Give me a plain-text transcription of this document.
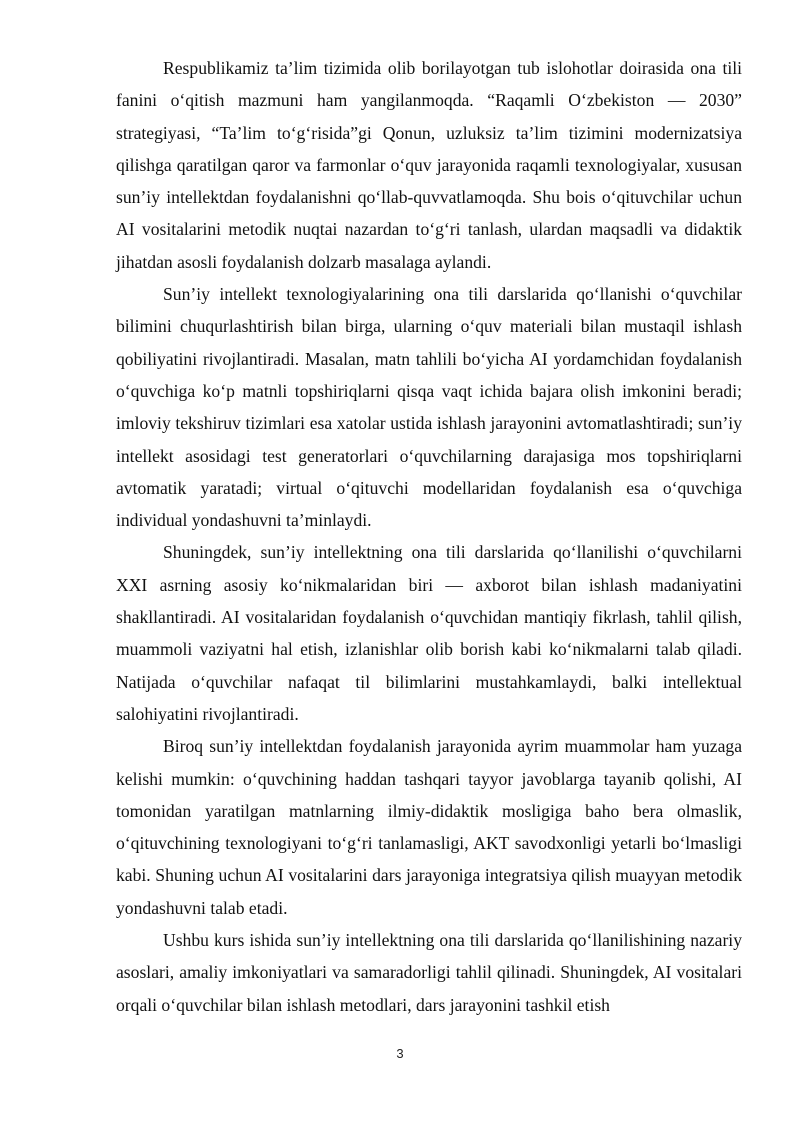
Respublikamiz ta’lim tizimida olib borilayotgan tub islohotlar doirasida ona tili fanini o‘qitish mazmuni ham yangilanmoqda. “Raqamli O‘zbekiston — 2030” strategiyasi, “Ta’lim to‘g‘risida”gi Qonun, uzluksiz ta’lim tizimini modernizatsiya qilishga qaratilgan qaror va farmonlar o‘quv jarayonida raqamli texnologiyalar, xususan sun’iy intellektdan foydalanishni qo‘llab-quvvatlamoqda. Shu bois o‘qituvchilar uchun AI vositalarini metodik nuqtai nazardan to‘g‘ri tanlash, ulardan maqsadli va didaktik jihatdan asosli foydalanish dolzarb masalaga aylandi.

Sun’iy intellekt texnologiyalarining ona tili darslarida qo‘llanishi o‘quvchilar bilimini chuqurlashtirish bilan birga, ularning o‘quv materiali bilan mustaqil ishlash qobiliyatini rivojlantiradi. Masalan, matn tahlili bo‘yicha AI yordamchidan foydalanish o‘quvchiga ko‘p matnli topshiriqlarni qisqa vaqt ichida bajara olish imkonini beradi; imloviy tekshiruv tizimlari esa xatolar ustida ishlash jarayonini avtomatlashtiradi; sun’iy intellekt asosidagi test generatorlari o‘quvchilarning darajasiga mos topshiriqlarni avtomatik yaratadi; virtual o‘qituvchi modellaridan foydalanish esa o‘quvchiga individual yondashuvni ta’minlaydi.

Shuningdek, sun’iy intellektning ona tili darslarida qo‘llanilishi o‘quvchilarni XXI asrning asosiy ko‘nikmalaridan biri — axborot bilan ishlash madaniyatini shakllantiradi. AI vositalaridan foydalanish o‘quvchidan mantiqiy fikrlash, tahlil qilish, muammoli vaziyatni hal etish, izlanishlar olib borish kabi ko‘nikmalarni talab qiladi. Natijada o‘quvchilar nafaqat til bilimlarini mustahkamlaydi, balki intellektual salohiyatini rivojlantiradi.

Biroq sun’iy intellektdan foydalanish jarayonida ayrim muammolar ham yuzaga kelishi mumkin: o‘quvchining haddan tashqari tayyor javoblarga tayanib qolishi, AI tomonidan yaratilgan matnlarning ilmiy-didaktik mosligiga baho bera olmaslik, o‘qituvchining texnologiyani to‘g‘ri tanlamasligi, AKT savodxonligi yetarli bo‘lmasligi kabi. Shuning uchun AI vositalarini dars jarayoniga integratsiya qilish muayyan metodik yondashuvni talab etadi.

Ushbu kurs ishida sun’iy intellektning ona tili darslarida qo‘llanilishining nazariy asoslari, amaliy imkoniyatlari va samaradorligi tahlil qilinadi. Shuningdek, AI vositalari orqali o‘quvchilar bilan ishlash metodlari, dars jarayonini tashkil etish

3
